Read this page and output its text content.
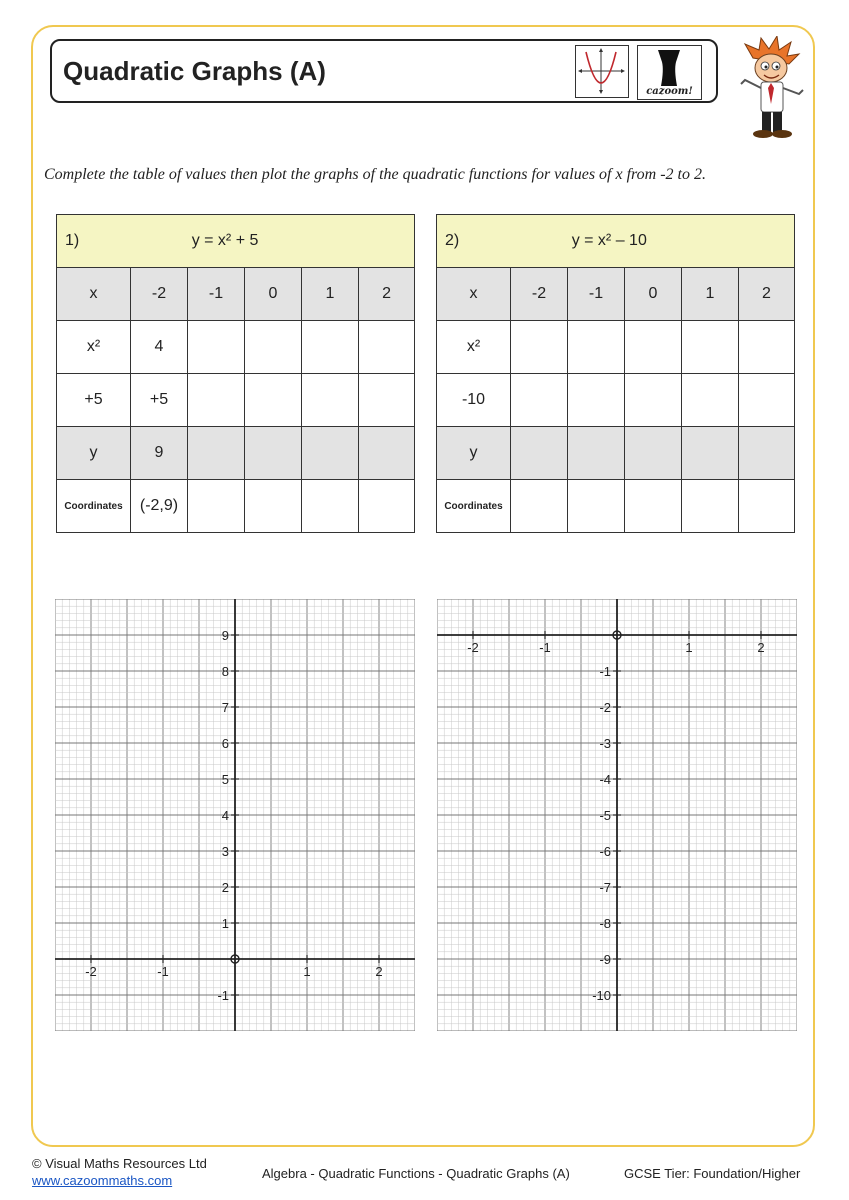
Quadratic Graphs (A)
cazoom!
Complete the table of values then plot the graphs of the quadratic functions for values of x from -2 to 2.
1) y = x² + 5					
x	-2	-1	0	1	2
x²	4				
+5	+5				
y	9				
Coordinates	(-2,9)				
2) y = x² – 10					
x	-2	-1	0	1	2
x²					
-10					
y					
Coordinates					
-2	-1	1	2
9
8
7
6
5
4
3
2
1
-1
-2	-1	1	2
-1
-2
-3
-4
-5
-6
-7
-8
-9
-10
© Visual Maths Resources Ltd
www.cazoommaths.com	Algebra - Quadratic Functions - Quadratic Graphs (A)	GCSE Tier: Foundation/Higher
